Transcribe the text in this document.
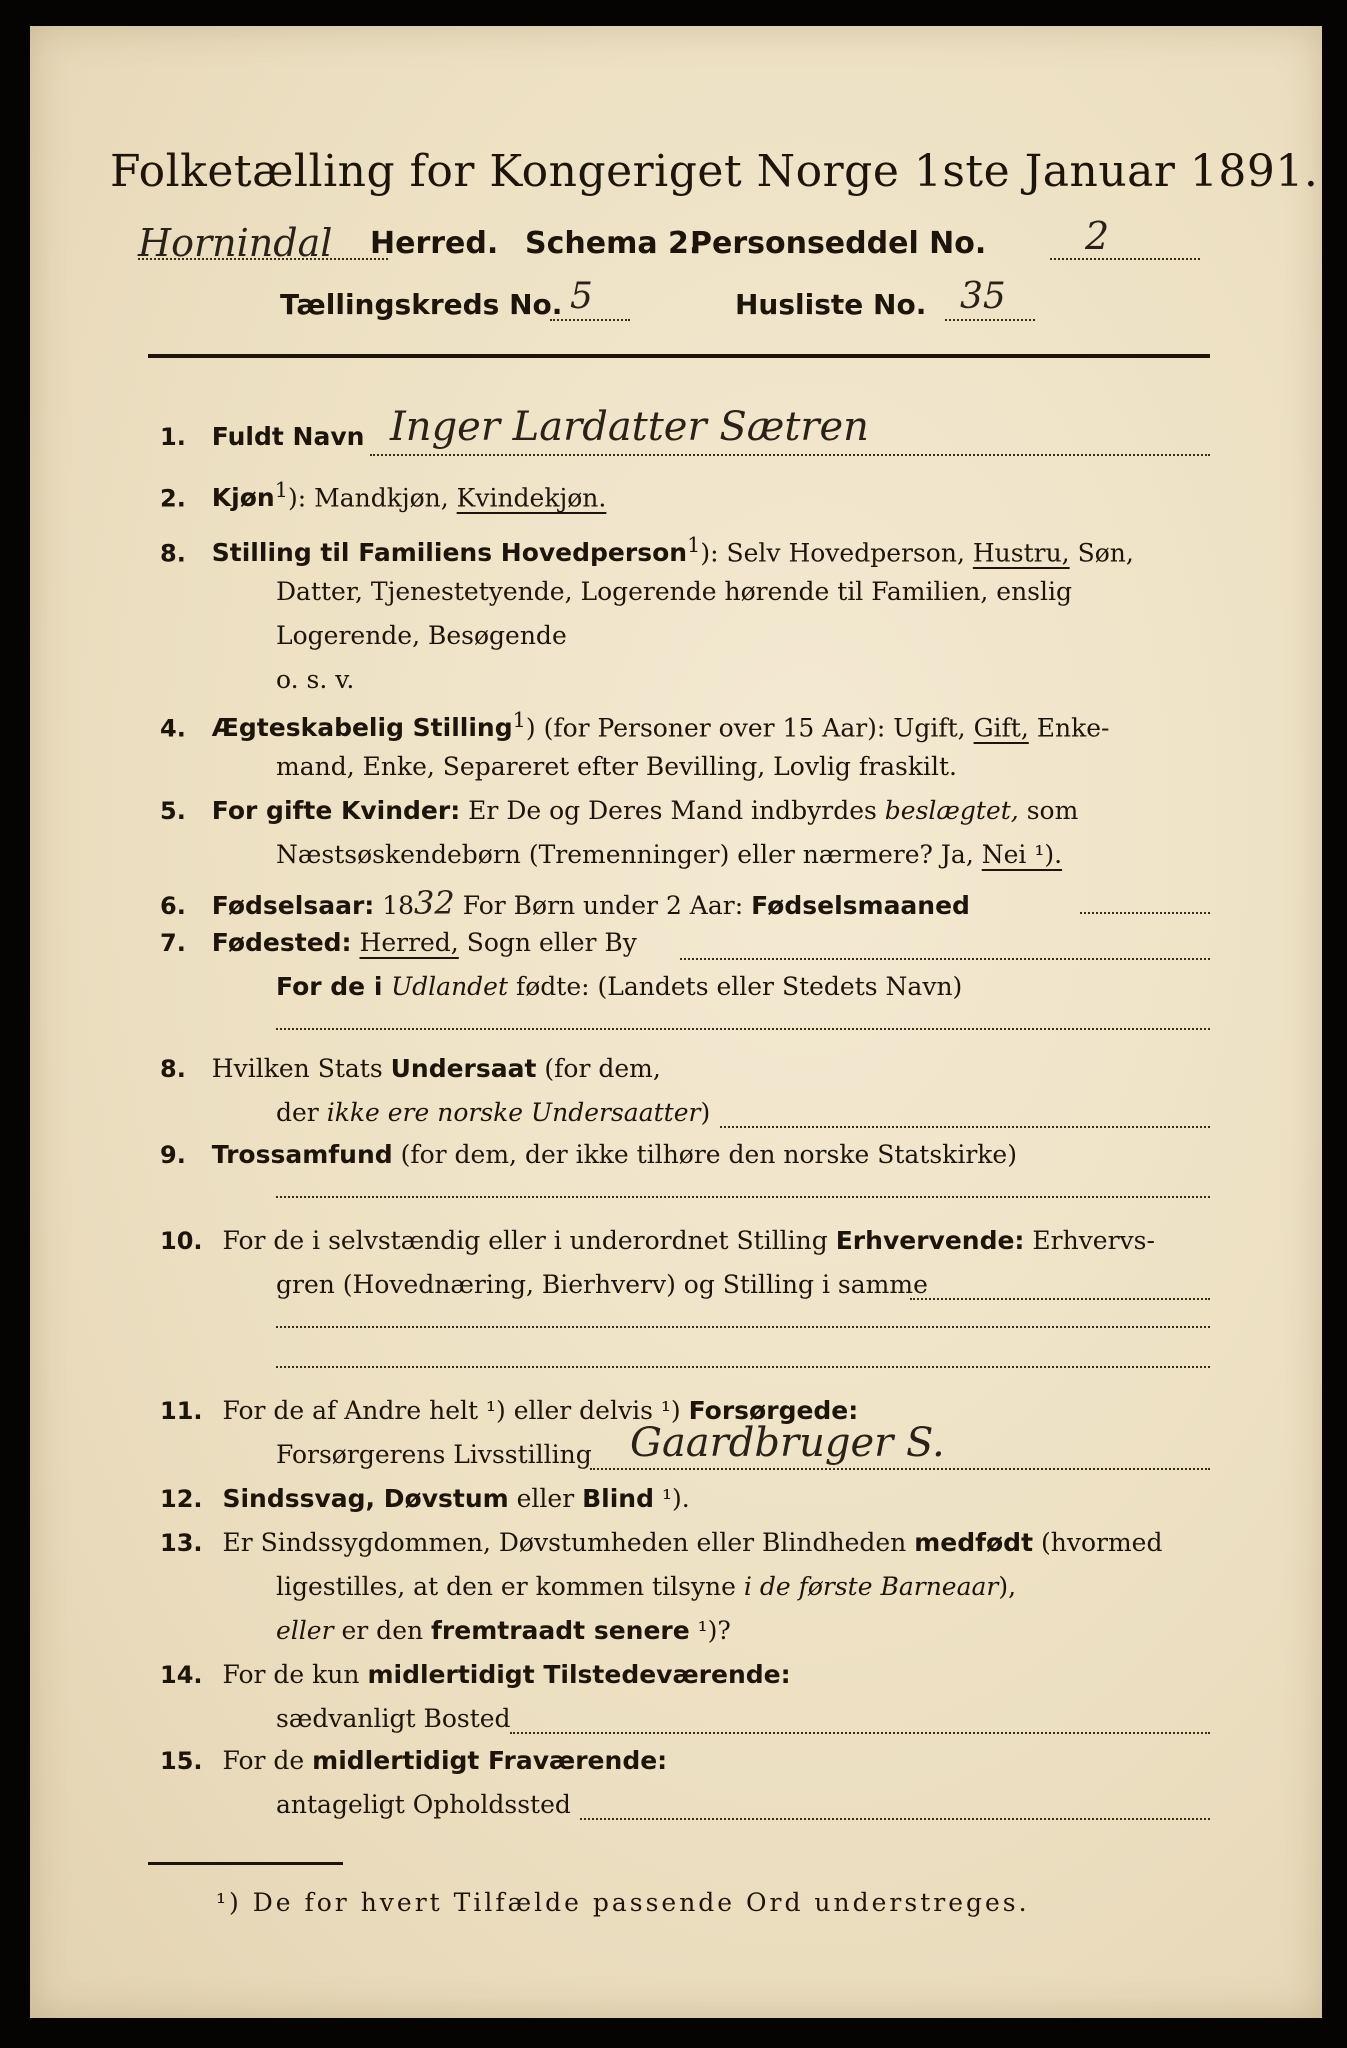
Folketælling for Kongeriget Norge 1ste Januar 1891.
Hornindal Herred. Schema 2.
Personseddel No.	2
Tællingskreds No. 5	Husliste No. 35
1. Fuldt Navn Inger Lardatter Sætren
2. Kjøn$^1$): Mandkjøn, Kvindekjøn.
8. Stilling til Familiens Hovedperson$^1$): Selv Hovedperson, Hustru, Søn,
Datter, Tjenestetyende, Logerende hørende til Familien, enslig
Logerende, Besøgende
o. s. v.
4. Ægteskabelig Stilling$^1$) (for Personer over 15 Aar): Ugift, Gift, Enke-
mand, Enke, Separeret efter Bevilling, Lovlig fraskilt.
5. For gifte Kvinder: Er De og Deres Mand indbyrdes beslægtet, som
Næstsøskendebørn (Tremenninger) eller nærmere? Ja, Nei ¹).
6. Fødselsaar: 1832 For Børn under 2 Aar: Fødselsmaaned
7. Fødested: Herred, Sogn eller By
For de i Udlandet fødte: (Landets eller Stedets Navn)
8. Hvilken Stats Undersaat (for dem,
der ikke ere norske Undersaatter)
9. Trossamfund (for dem, der ikke tilhøre den norske Statskirke)
10. For de i selvstændig eller i underordnet Stilling Erhvervende: Erhvervs-
gren (Hovednæring, Bierhverv) og Stilling i samme
11. For de af Andre helt ¹) eller delvis ¹) Forsørgede:
Forsørgerens Livsstilling Gaardbruger S.
12. Sindssvag, Døvstum eller Blind ¹).
13. Er Sindssygdommen, Døvstumheden eller Blindheden medfødt (hvormed
ligestilles, at den er kommen tilsyne i de første Barneaar),
eller er den fremtraadt senere ¹)?
14. For de kun midlertidigt Tilstedeværende:
sædvanligt Bosted
15. For de midlertidigt Fraværende:
antageligt Opholdssted
¹) De for hvert Tilfælde passende Ord understreges.
